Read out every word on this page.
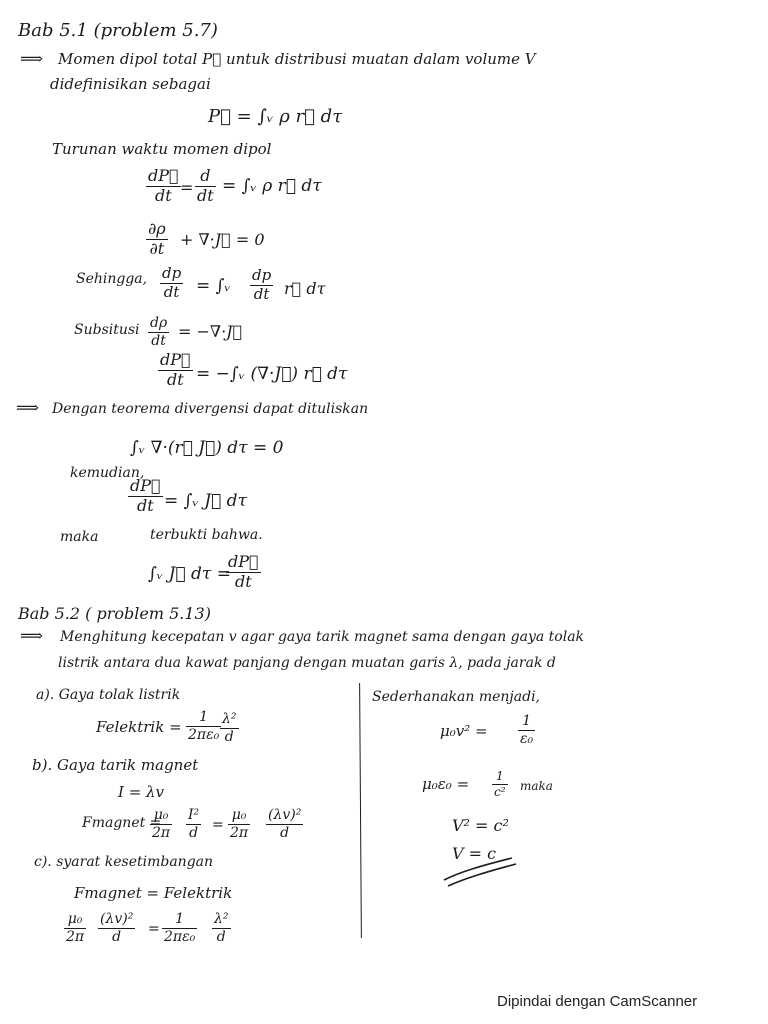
Bab 5.1 (problem 5.7)
⟹ Momen dipol total P⃗ untuk distribusi muatan dalam volume V
didefinisikan sebagai
P⃗ = ∫ᵥ ρ r⃗ dτ
Turunan waktu momen dipol
dP⃗
dt =
d
dt = ∫ᵥ ρ r⃗ dτ
∂ρ
∂t + ∇·J⃗ = 0
Sehingga, dp
dt = ∫ᵥ
dp
dt r⃗ dτ
Subsitusi dρ
dt = −∇·J⃗
dP⃗
dt = −∫ᵥ (∇·J⃗) r⃗ dτ
⟹ Dengan teorema divergensi dapat dituliskan
∫ᵥ ∇·(r⃗ J⃗) dτ = 0
kemudian,
dP⃗
dt = ∫ᵥ J⃗ dτ
maka	terbukti bahwa.
∫ᵥ J⃗ dτ =
dP⃗
dt
Bab 5.2 ( problem 5.13)
⟹ Menghitung kecepatan v agar gaya tarik magnet sama dengan gaya tolak
listrik antara dua kawat panjang dengan muatan garis λ, pada jarak d
a). Gaya tolak listrik
Felektrik =
1
2πε₀
λ²
d
b). Gaya tarik magnet
I = λv
Fmagnet =
μ₀
2π
I²
d =
μ₀
2π
(λv)²
d
c). syarat kesetimbangan
Fmagnet = Felektrik
μ₀
2π
(λv)²
d	=
1
2πε₀
λ²
d
Sederhanakan menjadi,
μ₀v² =
1
ε₀
μ₀ε₀ =	1
c² maka
V² = c²
V = c
Dipindai dengan CamScanner
